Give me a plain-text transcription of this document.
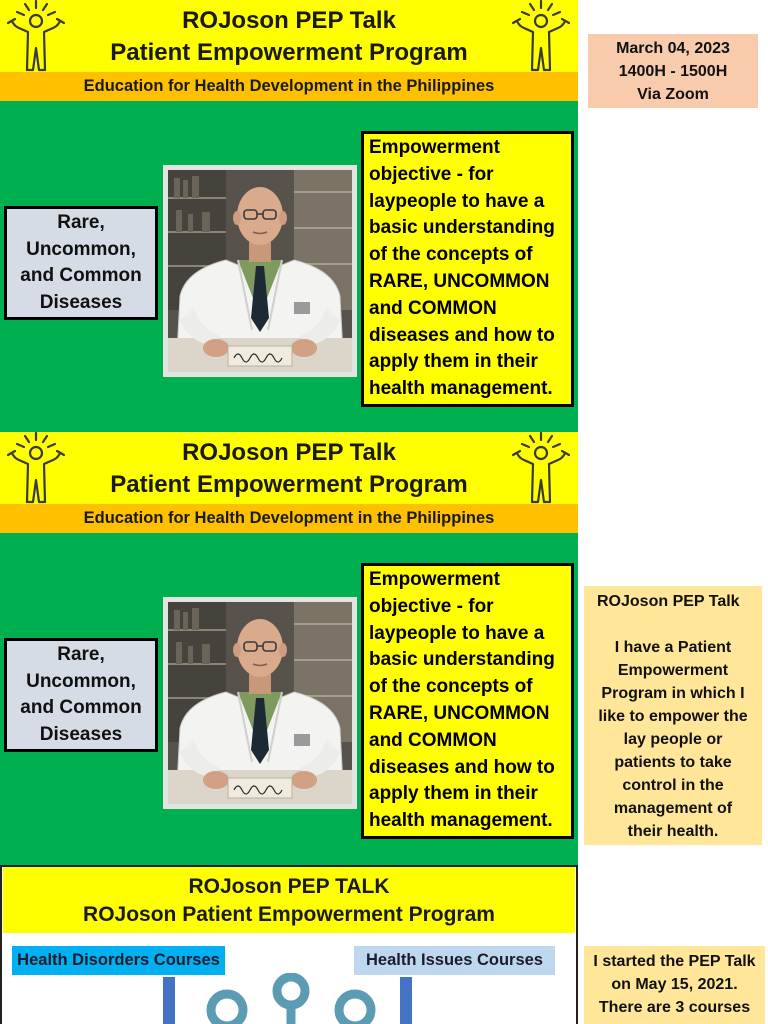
ROJoson PEP Talk
Patient Empowerment Program
Education for Health Development in the Philippines
Rare, Uncommon, and Common Diseases
Empowerment objective - for laypeople to have a basic understanding of the concepts of RARE, UNCOMMON and COMMON diseases and how to apply them in their health management.
ROJoson PEP Talk
Patient Empowerment Program
Education for Health Development in the Philippines
Rare, Uncommon, and Common Diseases
Empowerment objective - for laypeople to have a basic understanding of the concepts of RARE, UNCOMMON and COMMON diseases and how to apply them in their health management.
ROJoson PEP TALK
ROJoson Patient Empowerment Program
Health Disorders Courses	Health Issues Courses
March 04, 2023
1400H - 1500H
Via Zoom
ROJoson PEP Talk
I have a Patient Empowerment Program in which I like to empower the lay people or patients to take control in the management of their health.
I started the PEP Talk on May 15, 2021. There are 3 courses
